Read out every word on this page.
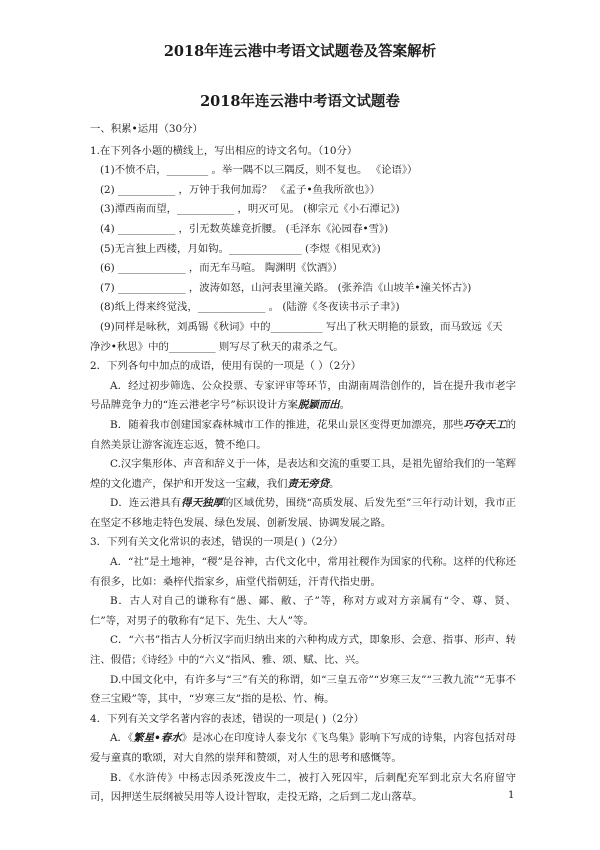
2018年连云港中考语文试题卷及答案解析
2018年连云港中考语文试题卷
一、积累•运用（30分）
1.在下列各小题的横线上，写出相应的诗文名句。（10分）
(1)不愤不启，________ 。举一隅不以三隅反，则不复也。 《论语》）
(2) ___________ ，万钟于我何加焉？ 《孟子•鱼我所欲也》）
(3)潭西南而望，___________ ，明灭可见。 (柳宗元《小石潭记》)
(4) ___________ ，引无数英雄竞折腰。 (毛泽东《沁园春•雪》)
(5)无言独上西楼，月如钩。______________ (李煜《相见欢》)
(6) _____________ ，而无车马喧。 陶渊明《饮酒》）
(7) _____________ ，波涛如怒，山河表里潼关路。 (张养浩《山坡羊•潼关怀古》)
(8)纸上得来终觉浅，_____________ 。 (陆游《冬夜读书示子聿》)
(9)同样是咏秋，刘禹锡《秋词》中的__________ 写出了秋天明艳的景致，而马致远《天
净沙•秋思》中的_________ 则写尽了秋天的肃杀之气。
2．下列各句中加点的成语，使用有误的一项是（ ）（2分）
A．经过初步筛选、公众投票、专家评审等环节，由湖南周浩创作的，旨在提升我市老字号品牌竞争力的“连云港老字号”标识设计方案脱颖而出。
B．随着我市创建国家森林城市工作的推进，花果山景区变得更加漂亮，那些巧夺天工的自然美景让游客流连忘返，赞不绝口。
C.汉字集形体、声音和辞义于一体，是表达和交流的重要工具，是祖先留给我们的一笔辉煌的文化遗产，保护和开发这一宝藏，我们责无旁贷。
D．连云港具有得天独厚的区域优势，围绕“高质发展、后发先至”三年行动计划，我市正在坚定不移地走特色发展、绿色发展、创新发展、协调发展之路。
3．下列有关文化常识的表述，错误的一项是( )（2分）
A．“社”是土地神，“稷”是谷神，古代文化中，常用社稷作为国家的代称。这样的代称还有很多，比如：桑梓代指家乡，庙堂代指朝廷，汗青代指史册。
B．古人对自己的谦称有“愚、鄙、敝、子”等，称对方或对方亲属有“令、尊、贤、仁”等，对男子的敬称有“足下、先生、大人”等。
C．“六书”指古人分析汉字而归纳出来的六种构成方式，即象形、会意、指事、形声、转注、假借；《诗经》中的“六义”指风、雅、颂、赋、比、兴。
D.中国文化中，有许多与“三”有关的称谓，如“三皇五帝”“岁寒三友”“三教九流”“无事不登三宝殿”等，其中，“岁寒三友”指的是松、竹、梅。
4．下列有关文学名著内容的表述，错误的一项是( )（2分）
A．《繁星•春水》是冰心在印度诗人泰戈尔《飞鸟集》影响下写成的诗集，内容包括对母爱与童真的歌颂，对大自然的崇拜和赞颂，对人生的思考和感慨等。
B．《水浒传》中杨志因杀死泼皮牛二，被打入死囚牢，后刺配充军到北京大名府留守司，因押送生辰纲被吴用等人设计智取，走投无路，之后到二龙山落草。	1
